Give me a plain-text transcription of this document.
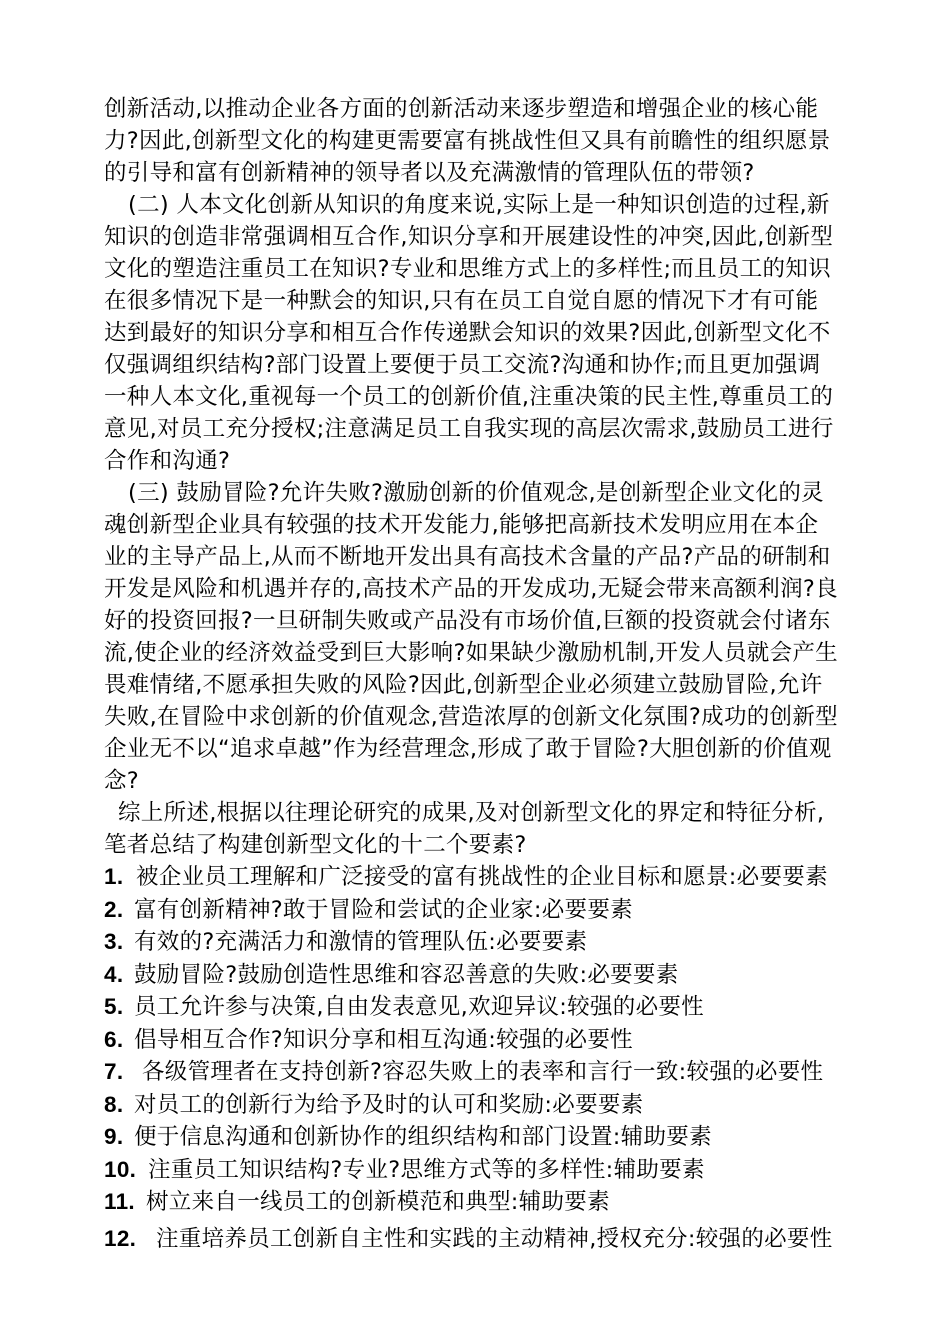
创新活动,以推动企业各方面的创新活动来逐步塑造和增强企业的核心能
力?因此,创新型文化的构建更需要富有挑战性但又具有前瞻性的组织愿景
的引导和富有创新精神的领导者以及充满激情的管理队伍的带领?

(二) 人本文化创新从知识的角度来说,实际上是一种知识创造的过程,新
知识的创造非常强调相互合作,知识分享和开展建设性的冲突,因此,创新型
文化的塑造注重员工在知识?专业和思维方式上的多样性;而且员工的知识
在很多情况下是一种默会的知识,只有在员工自觉自愿的情况下才有可能
达到最好的知识分享和相互合作传递默会知识的效果?因此,创新型文化不
仅强调组织结构?部门设置上要便于员工交流?沟通和协作;而且更加强调
一种人本文化,重视每一个员工的创新价值,注重决策的民主性,尊重员工的
意见,对员工充分授权;注意满足员工自我实现的高层次需求,鼓励员工进行
合作和沟通?

(三) 鼓励冒险?允许失败?激励创新的价值观念,是创新型企业文化的灵
魂创新型企业具有较强的技术开发能力,能够把高新技术发明应用在本企
业的主导产品上,从而不断地开发出具有高技术含量的产品?产品的研制和
开发是风险和机遇并存的,高技术产品的开发成功,无疑会带来高额利润?良
好的投资回报?一旦研制失败或产品没有市场价值,巨额的投资就会付诸东
流,使企业的经济效益受到巨大影响?如果缺少激励机制,开发人员就会产生
畏难情绪,不愿承担失败的风险?因此,创新型企业必须建立鼓励冒险,允许
失败,在冒险中求创新的价值观念,营造浓厚的创新文化氛围?成功的创新型
企业无不以“追求卓越”作为经营理念,形成了敢于冒险?大胆创新的价值观
念?

综上所述,根据以往理论研究的成果,及对创新型文化的界定和特征分析,
笔者总结了构建创新型文化的十二个要素?

1. 被企业员工理解和广泛接受的富有挑战性的企业目标和愿景:必要要素
2. 富有创新精神?敢于冒险和尝试的企业家:必要要素
3. 有效的?充满活力和激情的管理队伍:必要要素
4. 鼓励冒险?鼓励创造性思维和容忍善意的失败:必要要素
5. 员工允许参与决策,自由发表意见,欢迎异议:较强的必要性
6. 倡导相互合作?知识分享和相互沟通:较强的必要性
7. 各级管理者在支持创新?容忍失败上的表率和言行一致:较强的必要性
8. 对员工的创新行为给予及时的认可和奖励:必要要素
9. 便于信息沟通和创新协作的组织结构和部门设置:辅助要素
10. 注重员工知识结构?专业?思维方式等的多样性:辅助要素
11. 树立来自一线员工的创新模范和典型:辅助要素
12. 注重培养员工创新自主性和实践的主动精神,授权充分:较强的必要性
